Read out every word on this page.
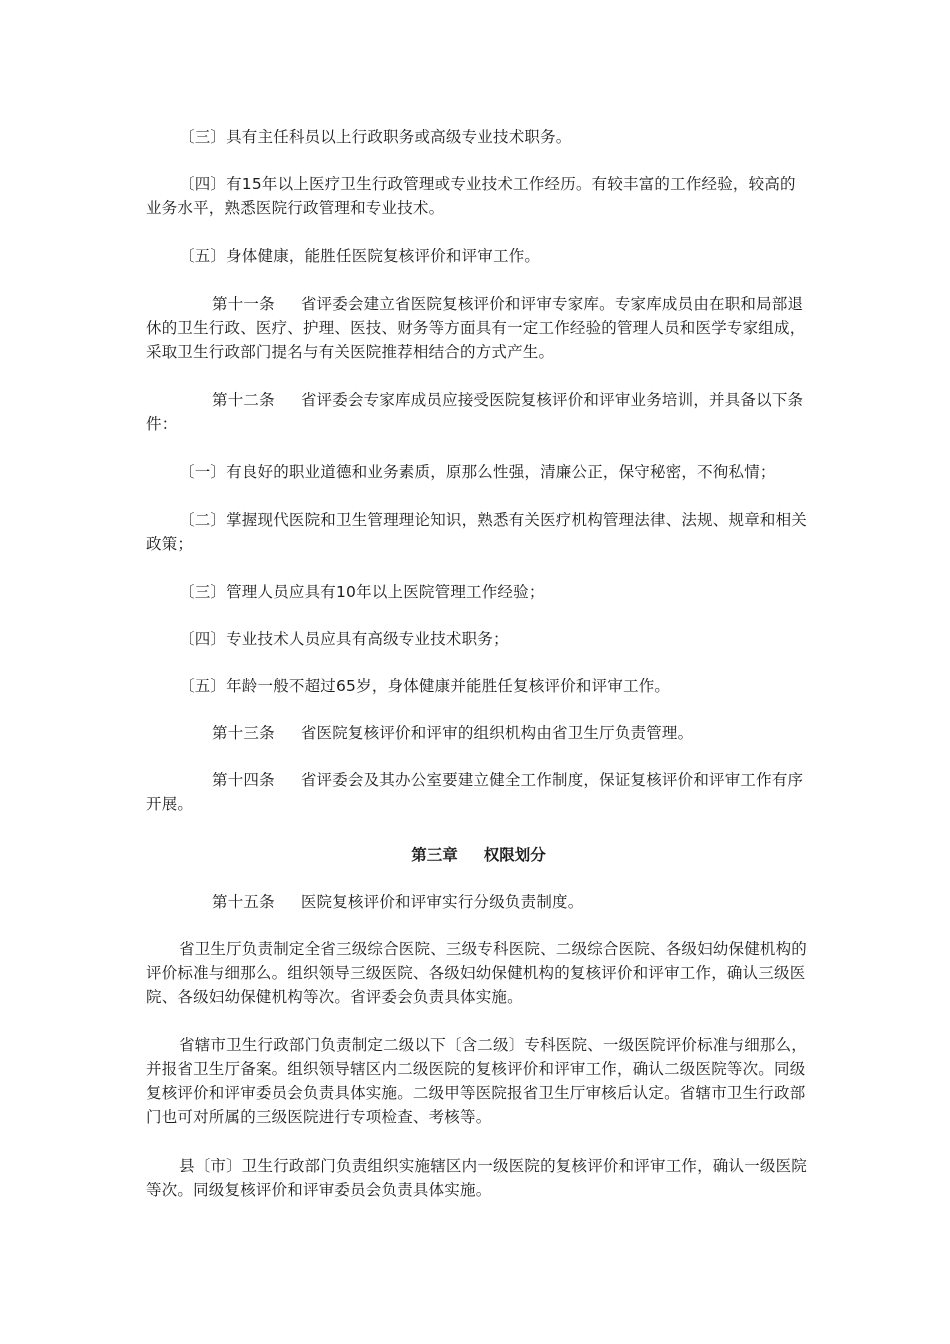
〔三〕具有主任科员以上行政职务或高级专业技术职务。

〔四〕有15年以上医疗卫生行政管理或专业技术工作经历。有较丰富的工作经验，较高的业务水平，熟悉医院行政管理和专业技术。

〔五〕身体健康，能胜任医院复核评价和评审工作。

第十一条 省评委会建立省医院复核评价和评审专家库。专家库成员由在职和局部退休的卫生行政、医疗、护理、医技、财务等方面具有一定工作经验的管理人员和医学专家组成，采取卫生行政部门提名与有关医院推荐相结合的方式产生。

第十二条 省评委会专家库成员应接受医院复核评价和评审业务培训，并具备以下条件：

〔一〕有良好的职业道德和业务素质，原那么性强，清廉公正，保守秘密，不徇私情；

〔二〕掌握现代医院和卫生管理理论知识，熟悉有关医疗机构管理法律、法规、规章和相关政策；

〔三〕管理人员应具有10年以上医院管理工作经验；

〔四〕专业技术人员应具有高级专业技术职务；

〔五〕年龄一般不超过65岁，身体健康并能胜任复核评价和评审工作。

第十三条 省医院复核评价和评审的组织机构由省卫生厅负责管理。

第十四条 省评委会及其办公室要建立健全工作制度，保证复核评价和评审工作有序开展。

第三章 权限划分

第十五条 医院复核评价和评审实行分级负责制度。

省卫生厅负责制定全省三级综合医院、三级专科医院、二级综合医院、各级妇幼保健机构的评价标准与细那么。组织领导三级医院、各级妇幼保健机构的复核评价和评审工作，确认三级医院、各级妇幼保健机构等次。省评委会负责具体实施。

省辖市卫生行政部门负责制定二级以下〔含二级〕专科医院、一级医院评价标准与细那么，并报省卫生厅备案。组织领导辖区内二级医院的复核评价和评审工作，确认二级医院等次。同级复核评价和评审委员会负责具体实施。二级甲等医院报省卫生厅审核后认定。省辖市卫生行政部门也可对所属的三级医院进行专项检查、考核等。

县〔市〕卫生行政部门负责组织实施辖区内一级医院的复核评价和评审工作，确认一级医院等次。同级复核评价和评审委员会负责具体实施。
